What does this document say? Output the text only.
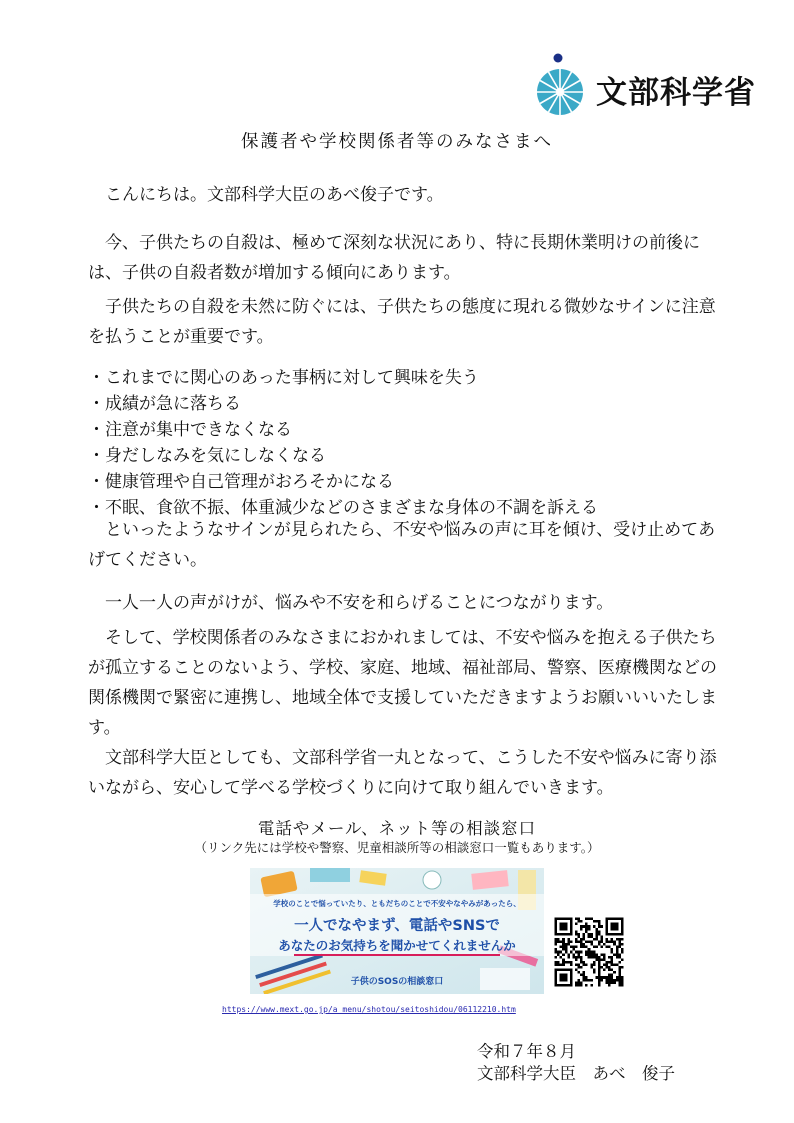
文部科学省
保護者や学校関係者等のみなさまへ

　こんにちは。文部科学大臣のあべ俊子です。

　今、子供たちの自殺は、極めて深刻な状況にあり、特に長期休業明けの前後には、子供の自殺者数が増加する傾向にあります。

　子供たちの自殺を未然に防ぐには、子供たちの態度に現れる微妙なサインに注意を払うことが重要です。

・これまでに関心のあった事柄に対して興味を失う
・成績が急に落ちる
・注意が集中できなくなる
・身だしなみを気にしなくなる
・健康管理や自己管理がおろそかになる
・不眠、食欲不振、体重減少などのさまざまな身体の不調を訴える

　といったようなサインが見られたら、不安や悩みの声に耳を傾け、受け止めてあげてください。

　一人一人の声がけが、悩みや不安を和らげることにつながります。

　そして、学校関係者のみなさまにおかれましては、不安や悩みを抱える子供たちが孤立することのないよう、学校、家庭、地域、福祉部局、警察、医療機関などの関係機関で緊密に連携し、地域全体で支援していただきますようお願いいいたします。

　文部科学大臣としても、文部科学省一丸となって、こうした不安や悩みに寄り添いながら、安心して学べる学校づくりに向けて取り組んでいきます。

電話やメール、ネット等の相談窓口
（リンク先には学校や警察、児童相談所等の相談窓口一覧もあります。）
学校のことで悩っていたり、ともだちのことで不安やなやみがあったら、
一人でなやまず、電話やSNSで
あなたのお気持ちを聞かせてくれませんか
子供のSOSの相談窓口
https://www.mext.go.jp/a_menu/shotou/seitoshidou/06112210.htm
令和７年８月
文部科学大臣　あべ　俊子
